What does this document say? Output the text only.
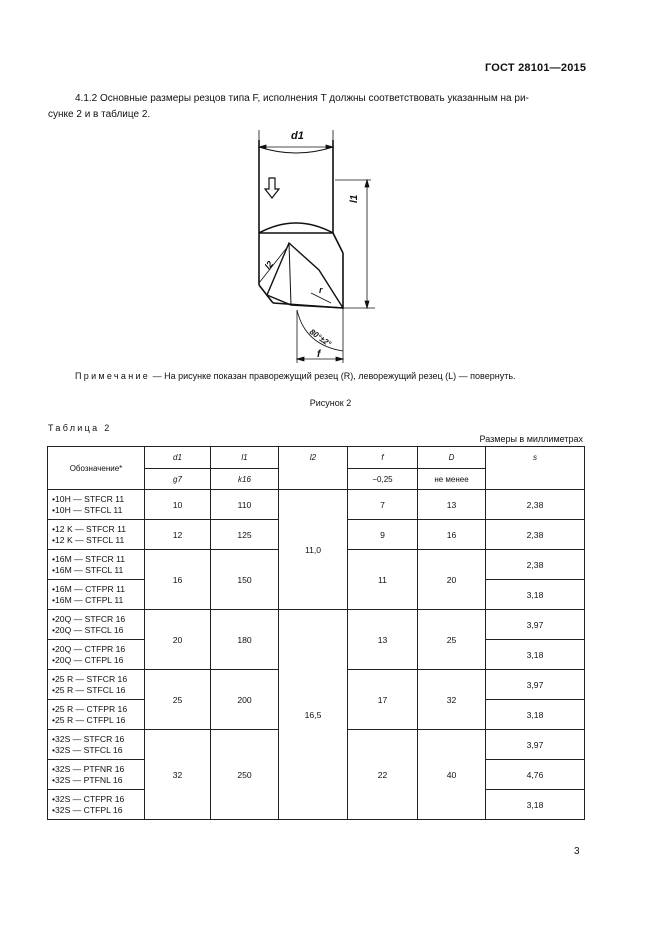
ГОСТ 28101—2015

4.1.2 Основные размеры резцов типа F, исполнения T должны соответствовать указанным на ри-

сунке 2 и в таблице 2.
d1
l1
l2
r
80°±2°
f
Примечание — На рисунке показан праворежущий резец (R), леворежущий резец (L) — повернуть.
Рисунок 2
Таблица 2
Размеры в миллиметрах
Обозначение*	d1	l1	l2	f	D	s
	g7	k16		−0,25	не менее	
•10H — STFCR 11
•10H — STFCL 11	10	110	11,0	7	13	2,38
•12 K — STFCR 11
•12 K — STFCL 11	12	125		9	16	2,38
•16M — STFCR 11
•16M — STFCL 11	16	150		11	20	2,38
•16M — CTFPR 11
•16M — CTFPL 11						3,18
•20Q — STFCR 16
•20Q — STFCL 16	20	180	16,5	13	25	3,97
•20Q — CTFPR 16
•20Q — CTFPL 16						3,18
•25 R — STFCR 16
•25 R — STFCL 16	25	200		17	32	3,97
•25 R — CTFPR 16
•25 R — CTFPL 16						3,18
•32S — STFCR 16
•32S — STFCL 16	32	250		22	40	3,97
•32S — PTFNR 16
•32S — PTFNL 16						4,76
•32S — CTFPR 16
•32S — CTFPL 16						3,18
3
